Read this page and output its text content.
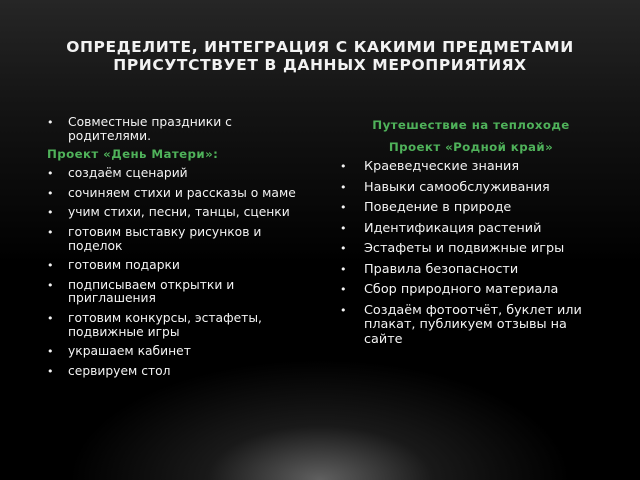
ОПРЕДЕЛИТЕ, ИНТЕГРАЦИЯ С КАКИМИ ПРЕДМЕТАМИ ПРИСУТСТВУЕТ В ДАННЫХ МЕРОПРИЯТИЯХ
•	Совместные праздники с родителями.
Проект «День Матери»:
•	создаём сценарий
•	сочиняем стихи и рассказы о маме
•	учим стихи, песни, танцы, сценки
•	готовим выставку рисунков и поделок
•	готовим подарки
•	подписываем открытки и приглашения
•	готовим конкурсы, эстафеты, подвижные игры
•	украшаем кабинет
•	сервируем стол
Путешествие на теплоходе
Проект «Родной край»
•	Краеведческие знания
•	Навыки самообслуживания
•	Поведение в природе
•	Идентификация растений
•	Эстафеты и подвижные игры
•	Правила безопасности
•	Сбор природного материала
•	Создаём фотоотчёт, буклет или плакат, публикуем отзывы на сайте
